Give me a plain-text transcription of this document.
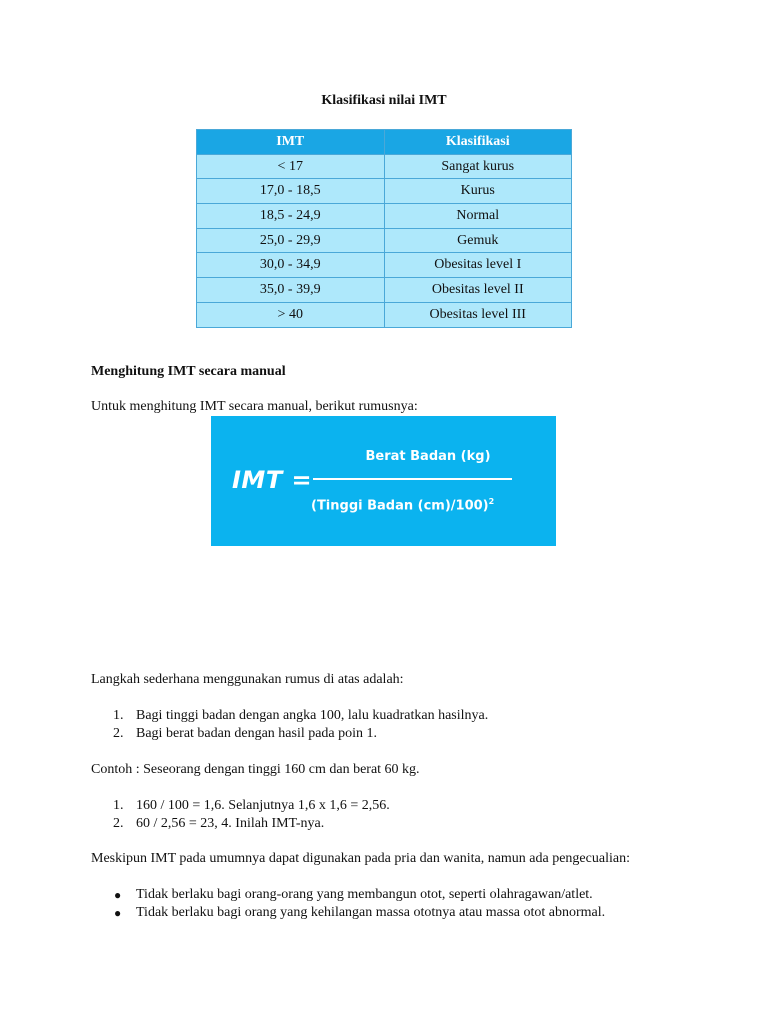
Klasifikasi nilai IMT
IMT	Klasifikasi
< 17	Sangat kurus
17,0 - 18,5	Kurus
18,5 - 24,9	Normal
25,0 - 29,9	Gemuk
30,0 - 34,9	Obesitas level I
35,0 - 39,9	Obesitas level II
> 40	Obesitas level III
Menghitung IMT secara manual
Untuk menghitung IMT secara manual, berikut rumusnya:
IMT =
Berat Badan (kg)
(Tinggi Badan (cm)/100)$^2$
Langkah sederhana menggunakan rumus di atas adalah:
1. Bagi tinggi badan dengan angka 100, lalu kuadratkan hasilnya.
2. Bagi berat badan dengan hasil pada poin 1.
Contoh : Seseorang dengan tinggi 160 cm dan berat 60 kg.
1. 160 / 100 = 1,6. Selanjutnya 1,6 x 1,6 = 2,56.
2. 60 / 2,56 = 23, 4. Inilah IMT-nya.
Meskipun IMT pada umumnya dapat digunakan pada pria dan wanita, namun ada pengecualian:
● Tidak berlaku bagi orang-orang yang membangun otot, seperti olahragawan/atlet.
● Tidak berlaku bagi orang yang kehilangan massa ototnya atau massa otot abnormal.
